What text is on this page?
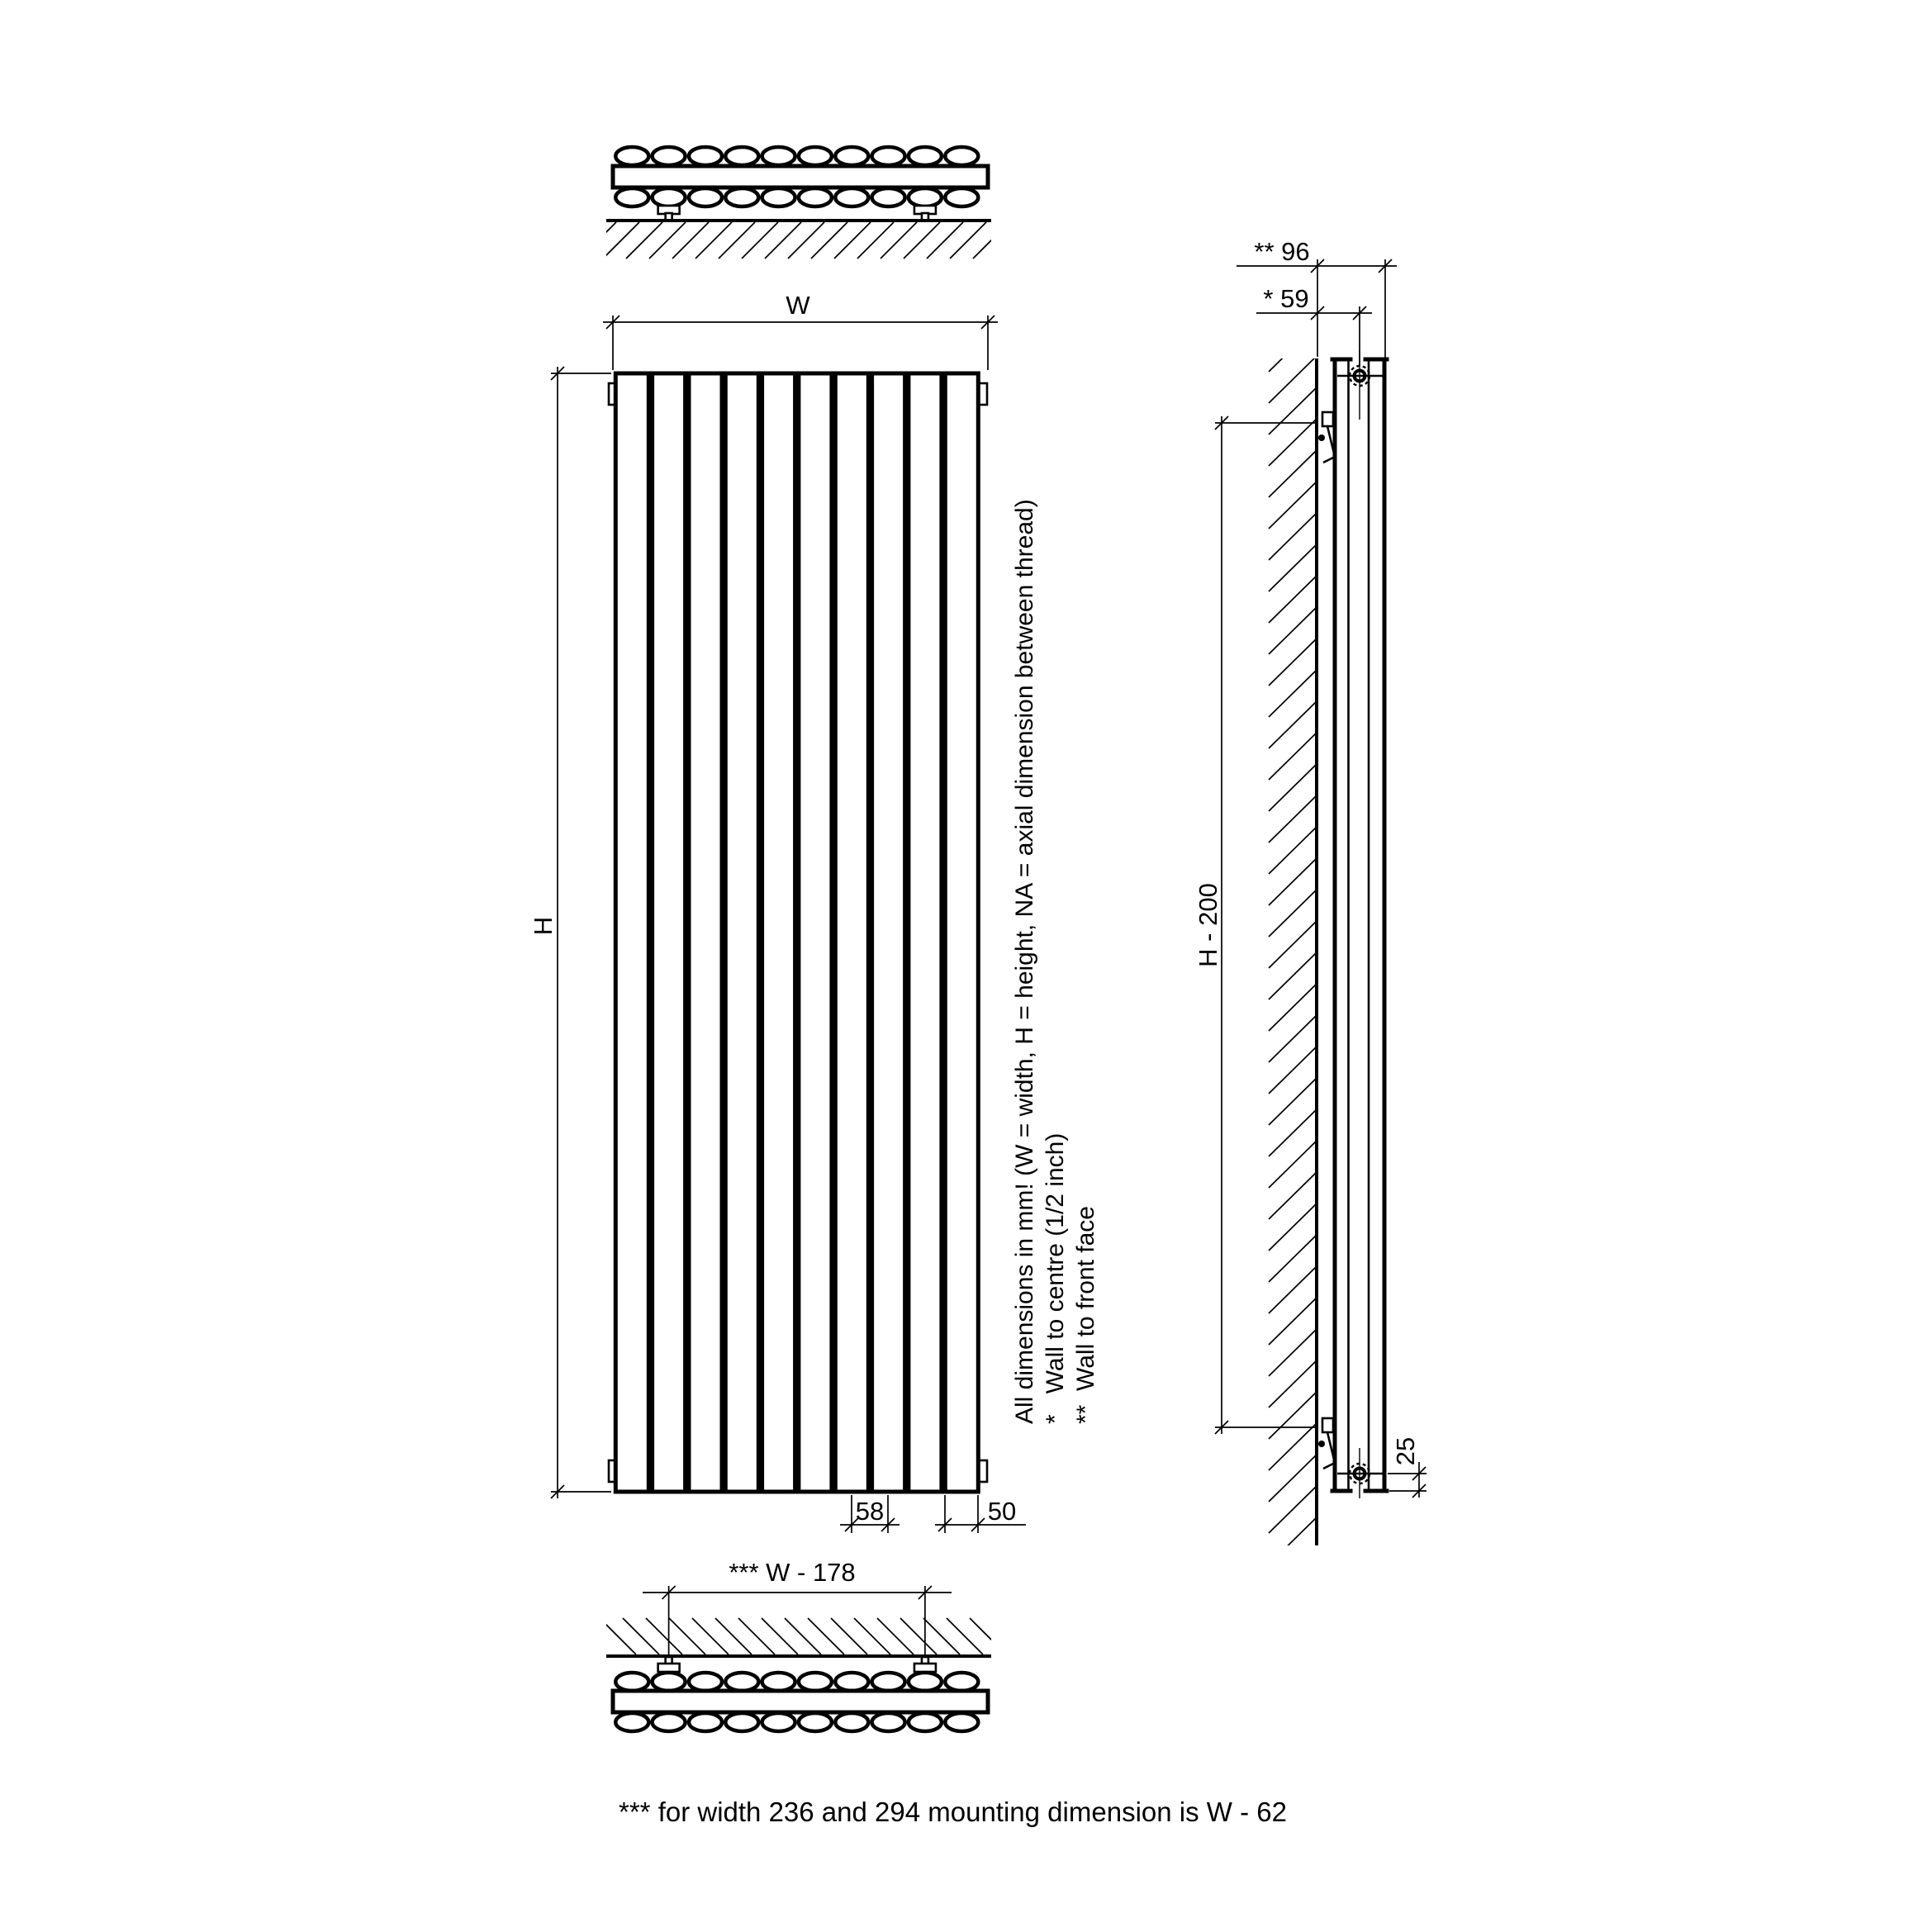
W
H
58	50
*** W - 178
** 96
* 59
H - 200
25
All dimensions in mm! (W = width, H = height, NA = axial dimension between thread) *   Wall to centre (1/2 inch) **  Wall to front face
*** for width 236 and 294 mounting dimension is W - 62
